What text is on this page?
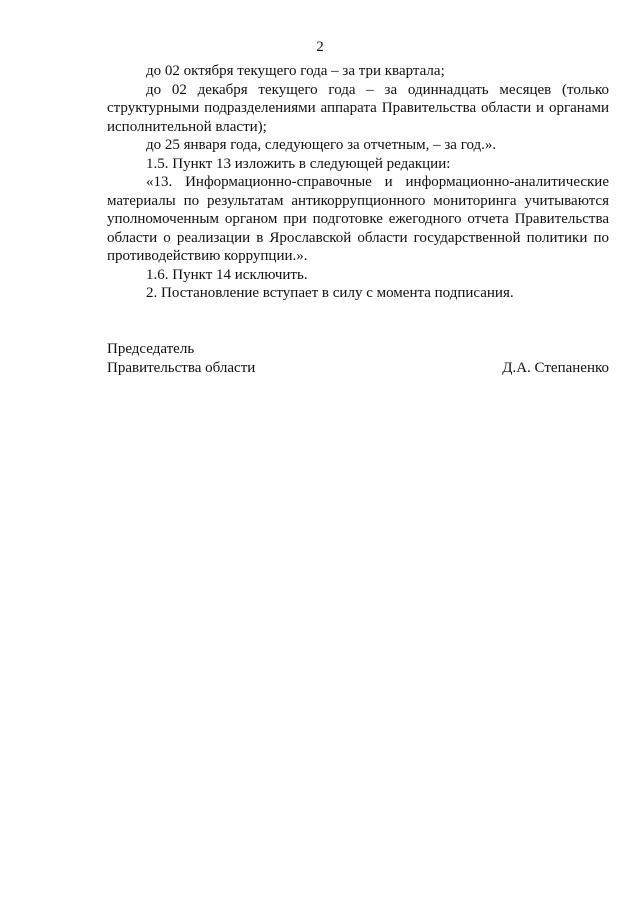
2

до 02 октября текущего года – за три квартала;

до 02 декабря текущего года – за одиннадцать месяцев (только структурными подразделениями аппарата Правительства области и органами исполнительной власти);

до 25 января года, следующего за отчетным, – за год.».

1.5. Пункт 13 изложить в следующей редакции:

«13. Информационно-справочные и информационно-аналитические материалы по результатам антикоррупционного мониторинга учитываются уполномоченным органом при подготовке ежегодного отчета Правительства области о реализации в Ярославской области государственной политики по противодействию коррупции.».

1.6. Пункт 14 исключить.

2. Постановление вступает в силу с момента подписания.

Председатель

Правительства области	Д.А. Степаненко
